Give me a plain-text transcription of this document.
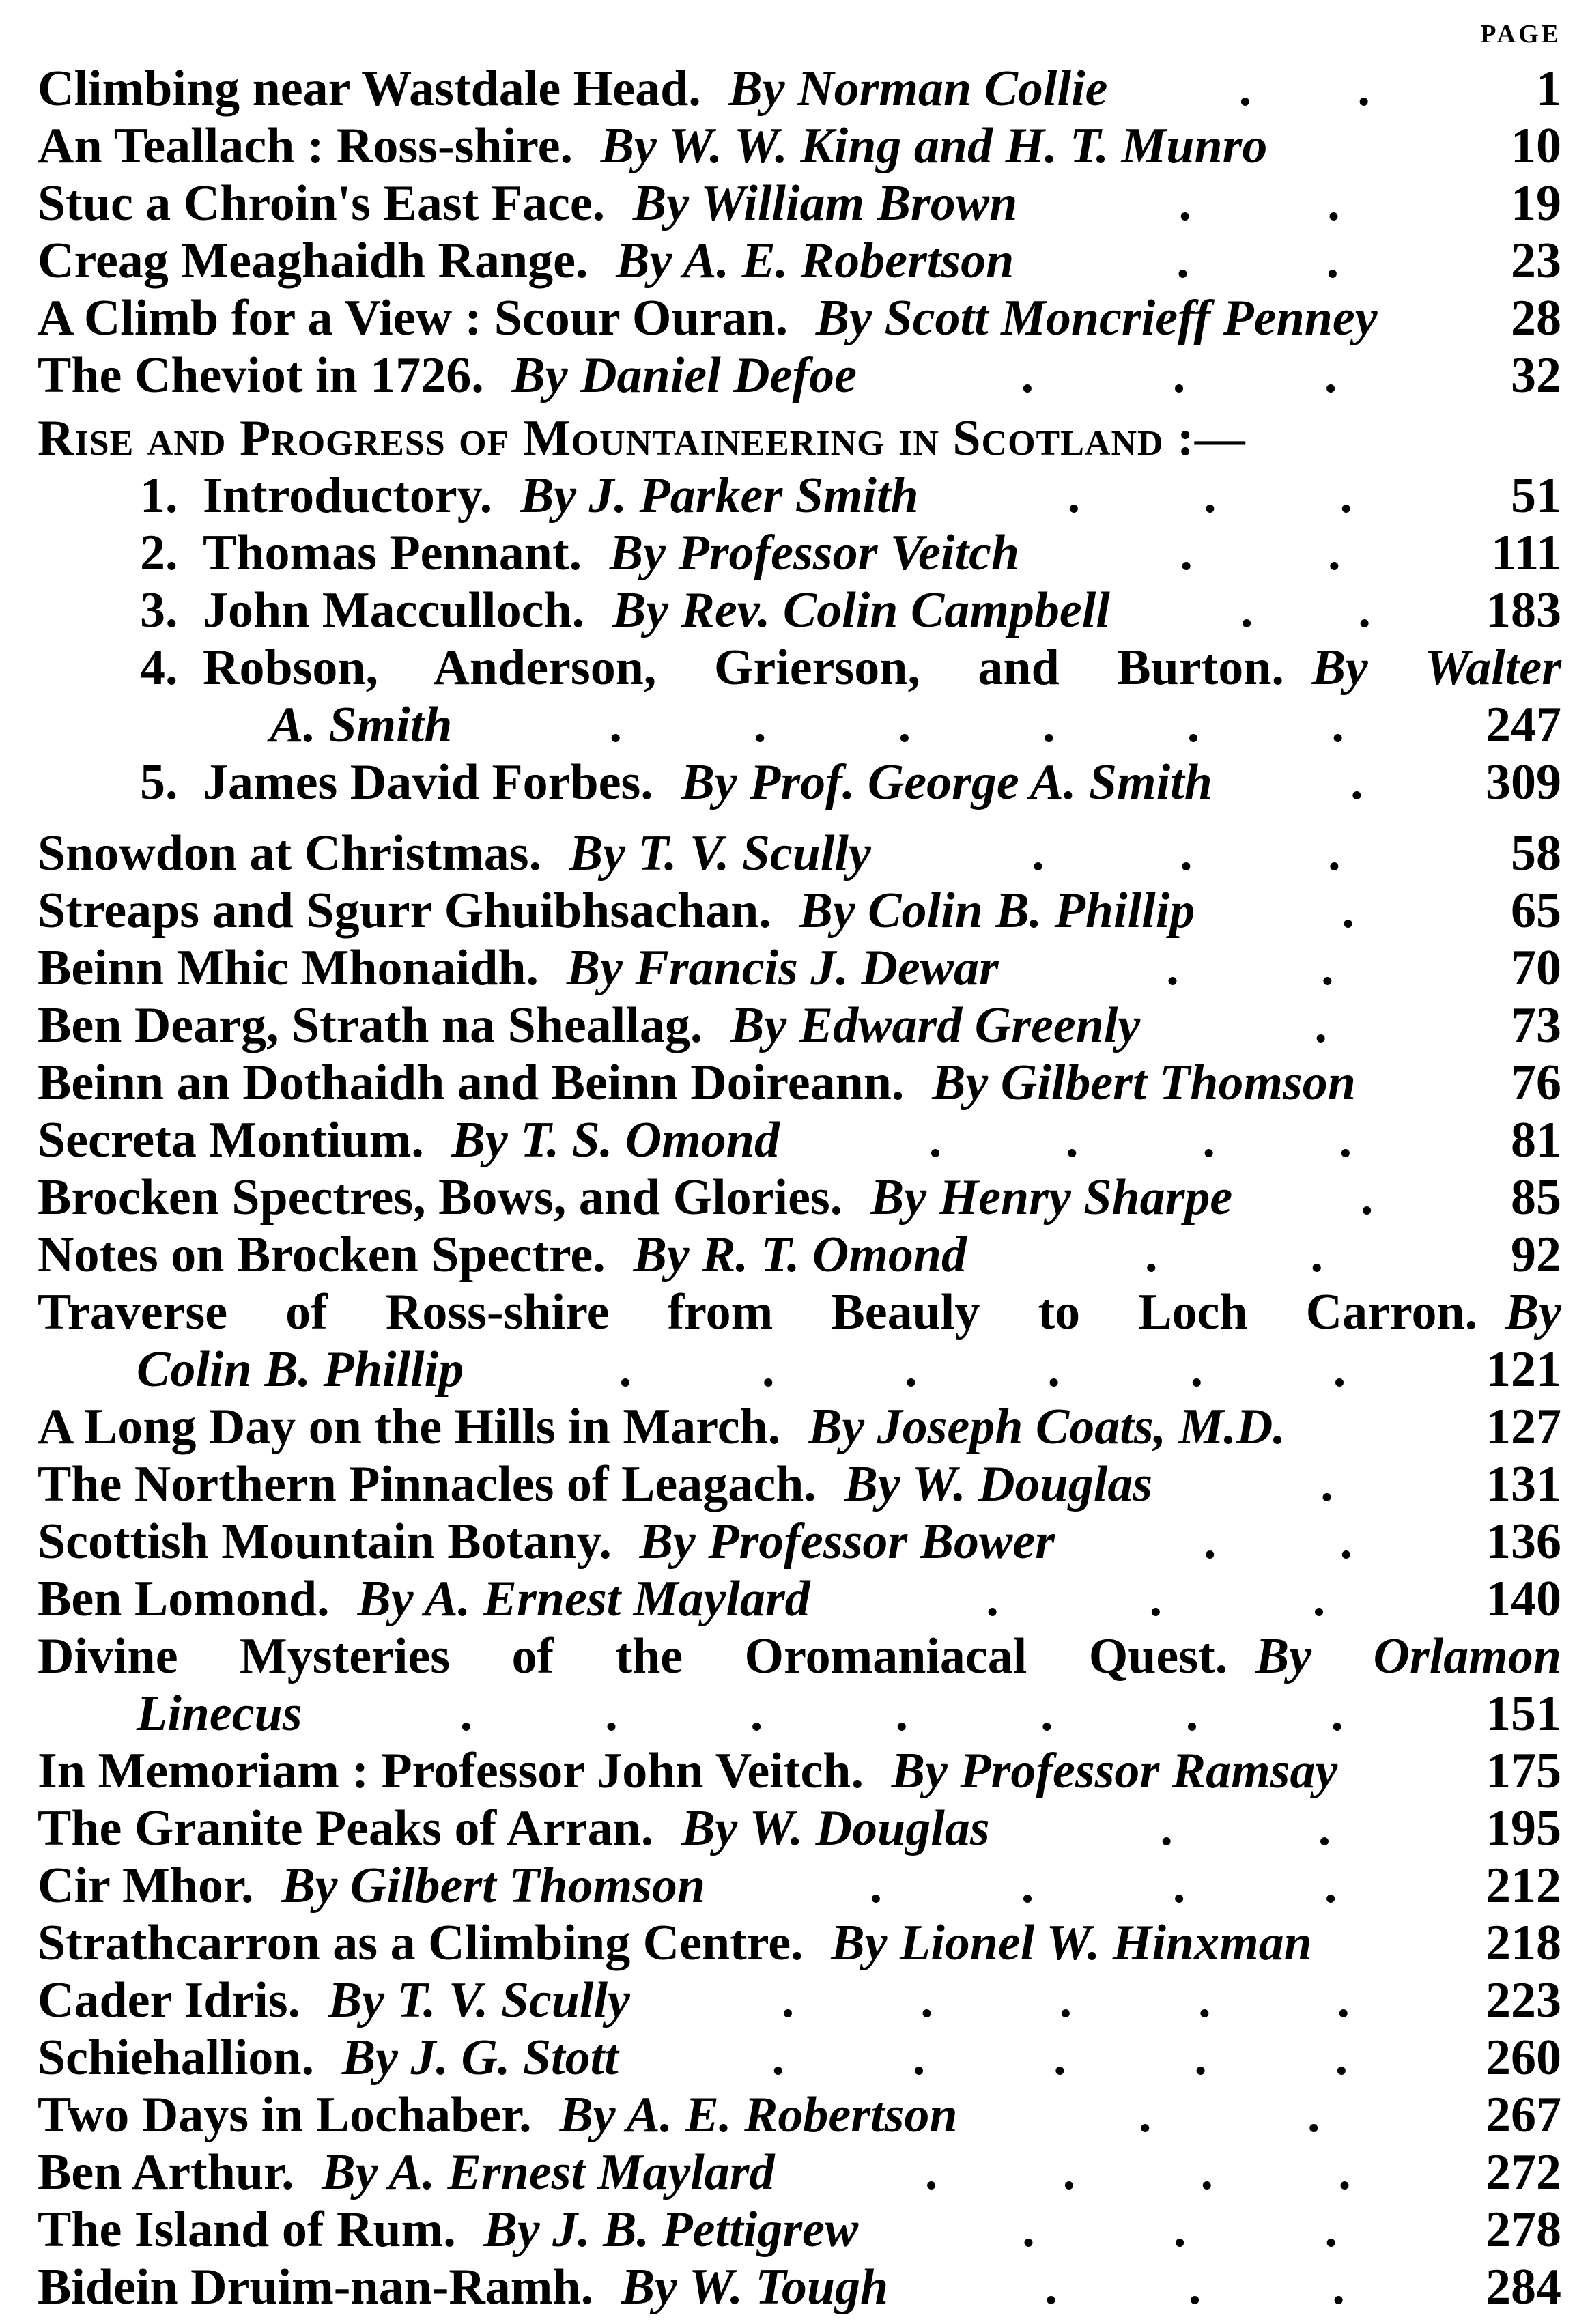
PAGE
Climbing near Wastdale Head. By Norman Collie	. .	1
An Teallach : Ross-shire. By W. W. King and H. T. Munro	10
Stuc a Chroin's East Face. By William Brown	.	.	19
Creag Meaghaidh Range. By A. E. Robertson	.	.	23
A Climb for a View : Scour Ouran. By Scott Moncrieff Penney	28
The Cheviot in 1726. By Daniel Defoe	.	.	.	32
Rise and Progress of Mountaineering in Scotland :—
1. Introductory. By J. Parker Smith	. . .	51
2. Thomas Pennant. By Professor Veitch	.	.	111
3. John Macculloch. By Rev. Colin Campbell	. . 183
4. Robson, Anderson, Grierson, and Burton. By Walter
A. Smith	.	.	.	.	.	.	247
5. James David Forbes. By Prof. George A. Smith	. 309
Snowdon at Christmas. By T. V. Scully	.	.	.	58
Streaps and Sgurr Ghuibhsachan. By Colin B. Phillip	.	65
Beinn Mhic Mhonaidh. By Francis J. Dewar	.	.	70
Ben Dearg, Strath na Sheallag. By Edward Greenly	.	73
Beinn an Dothaidh and Beinn Doireann. By Gilbert Thomson	76
Secreta Montium. By T. S. Omond	. . . .	81
Brocken Spectres, Bows, and Glories. By Henry Sharpe	.	85
Notes on Brocken Spectre. By R. T. Omond	.	.	92
Traverse of Ross-shire from Beauly to Loch Carron. By
Colin B. Phillip	.	.	.	.	.	.	121
A Long Day on the Hills in March. By Joseph Coats, M.D.	127
The Northern Pinnacles of Leagach. By W. Douglas	.	131
Scottish Mountain Botany. By Professor Bower	. .	136
Ben Lomond. By A. Ernest Maylard	.	.	.	140
Divine Mysteries of the Oromaniacal Quest. By Orlamon
Linecus	.	.	.	.	.	.	.	151
In Memoriam : Professor John Veitch. By Professor Ramsay	175
The Granite Peaks of Arran. By W. Douglas	.	.	195
Cir Mhor. By Gilbert Thomson	.	.	.	.	212
Strathcarron as a Climbing Centre. By Lionel W. Hinxman	218
Cader Idris. By T. V. Scully	. . . . .	223
Schiehallion. By J. G. Stott	.	.	.	.	.	260
Two Days in Lochaber. By A. E. Robertson	.	.	267
Ben Arthur. By A. Ernest Maylard	. . . .	272
The Island of Rum. By J. B. Pettigrew	.	.	.	278
Bidein Druim-nan-Ramh. By W. Tough	.	.	.	284
